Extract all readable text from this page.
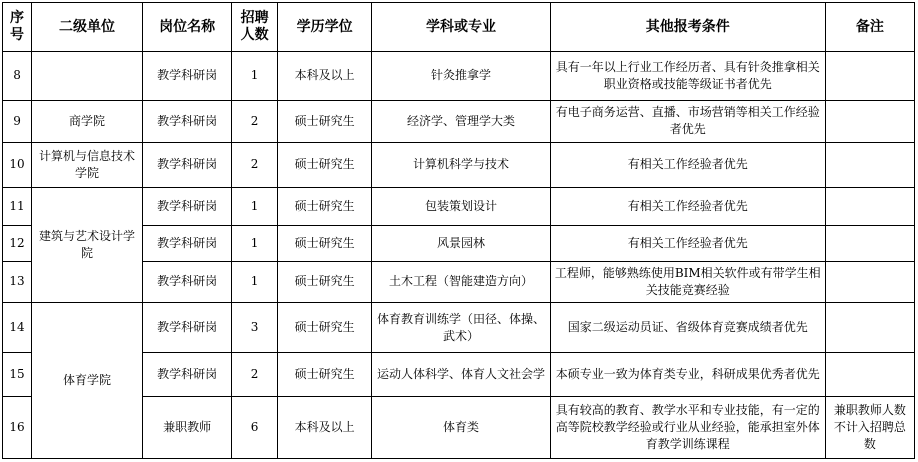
序号	二级单位	岗位名称	招聘人数	学历学位	学科或专业	其他报考条件	备注
8		教学科研岗	1	本科及以上	针灸推拿学	具有一年以上行业工作经历者、具有针灸推拿相关职业资格或技能等级证书者优先	
9	商学院	教学科研岗	2	硕士研究生	经济学、管理学大类	有电子商务运营、直播、市场营销等相关工作经验者优先	
10	计算机与信息技术学院	教学科研岗	2	硕士研究生	计算机科学与技术	有相关工作经验者优先	
11	建筑与艺术设计学院	教学科研岗	1	硕士研究生	包装策划设计	有相关工作经验者优先	
12		教学科研岗	1	硕士研究生	风景园林	有相关工作经验者优先	
13		教学科研岗	1	硕士研究生	土木工程（智能建造方向）	工程师，能够熟练使用BIM相关软件或有带学生相关技能竞赛经验	
14	体育学院	教学科研岗	3	硕士研究生	体育教育训练学（田径、体操、武术）	国家二级运动员证、省级体育竞赛成绩者优先	
15		教学科研岗	2	硕士研究生	运动人体科学、体育人文社会学	本硕专业一致为体育类专业，科研成果优秀者优先	
16		兼职教师	6	本科及以上	体育类	具有较高的教育、教学水平和专业技能，有一定的高等院校教学经验或行业从业经验，能承担室外体育教学训练课程	兼职教师人数不计入招聘总数
